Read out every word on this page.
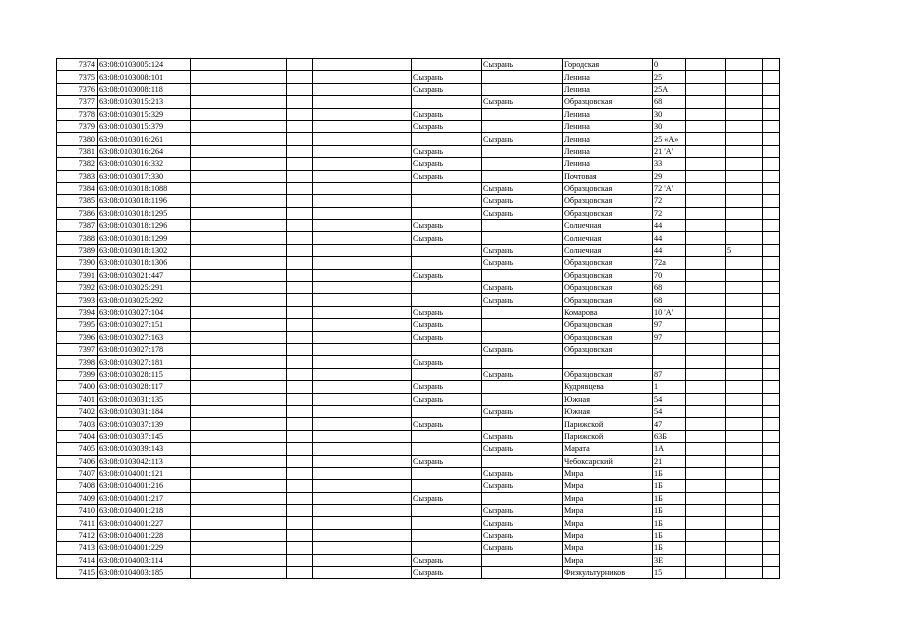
7374	63:08:0103005:124					Сызрань	Городская	0			
7375	63:08:0103008:101				Сызрань		Ленина	25			
7376	63:08:0103008:118				Сызрань		Ленина	25А			
7377	63:08:0103015:213					Сызрань	Образцовская	68			
7378	63:08:0103015:329				Сызрань		Ленина	30			
7379	63:08:0103015:379				Сызрань		Ленина	30			
7380	63:08:0103016:261					Сызрань	Ленина	25 «А»			
7381	63:08:0103016:264				Сызрань		Ленина	21 'А'			
7382	63:08:0103016:332				Сызрань		Ленина	33			
7383	63:08:0103017:330				Сызрань		Почтовая	29			
7384	63:08:0103018:1088					Сызрань	Образцовская	72 'А'			
7385	63:08:0103018:1196					Сызрань	Образцовская	72			
7386	63:08:0103018:1295					Сызрань	Образцовская	72			
7387	63:08:0103018:1296				Сызрань		Солнечная	44			
7388	63:08:0103018:1299				Сызрань		Солнечная	44			
7389	63:08:0103018:1302					Сызрань	Солнечная	44		5	
7390	63:08:0103018:1306					Сызрань	Образцовская	72а			
7391	63:08:0103021:447				Сызрань		Образцовская	70			
7392	63:08:0103025:291					Сызрань	Образцовская	68			
7393	63:08:0103025:292					Сызрань	Образцовская	68			
7394	63:08:0103027:104				Сызрань		Комарова	10 'А'			
7395	63:08:0103027:151				Сызрань		Образцовская	97			
7396	63:08:0103027:163				Сызрань		Образцовская	97			
7397	63:08:0103027:178					Сызрань	Образцовская				
7398	63:08:0103027:181				Сызрань						
7399	63:08:0103028:115					Сызрань	Образцовская	87			
7400	63:08:0103028:117				Сызрань		Кудрявцева	1			
7401	63:08:0103031:135				Сызрань		Южная	54			
7402	63:08:0103031:184					Сызрань	Южная	54			
7403	63:08:0103037:139				Сызрань		Парижской	47			
7404	63:08:0103037:145					Сызрань	Парижской	63Б			
7405	63:08:0103039:143					Сызрань	Марата	1А			
7406	63:08:0103042:113				Сызрань		Чебоксарский	21			
7407	63:08:0104001:121					Сызрань	Мира	1Б			
7408	63:08:0104001:216					Сызрань	Мира	1Б			
7409	63:08:0104001:217				Сызрань		Мира	1Б			
7410	63:08:0104001:218					Сызрань	Мира	1Б			
7411	63:08:0104001:227					Сызрань	Мира	1Б			
7412	63:08:0104001:228					Сызрань	Мира	1Б			
7413	63:08:0104001:229					Сызрань	Мира	1Б			
7414	63:08:0104003:114				Сызрань		Мира	3Е			
7415	63:08:0104003:185				Сызрань		Физкультурников	15			
